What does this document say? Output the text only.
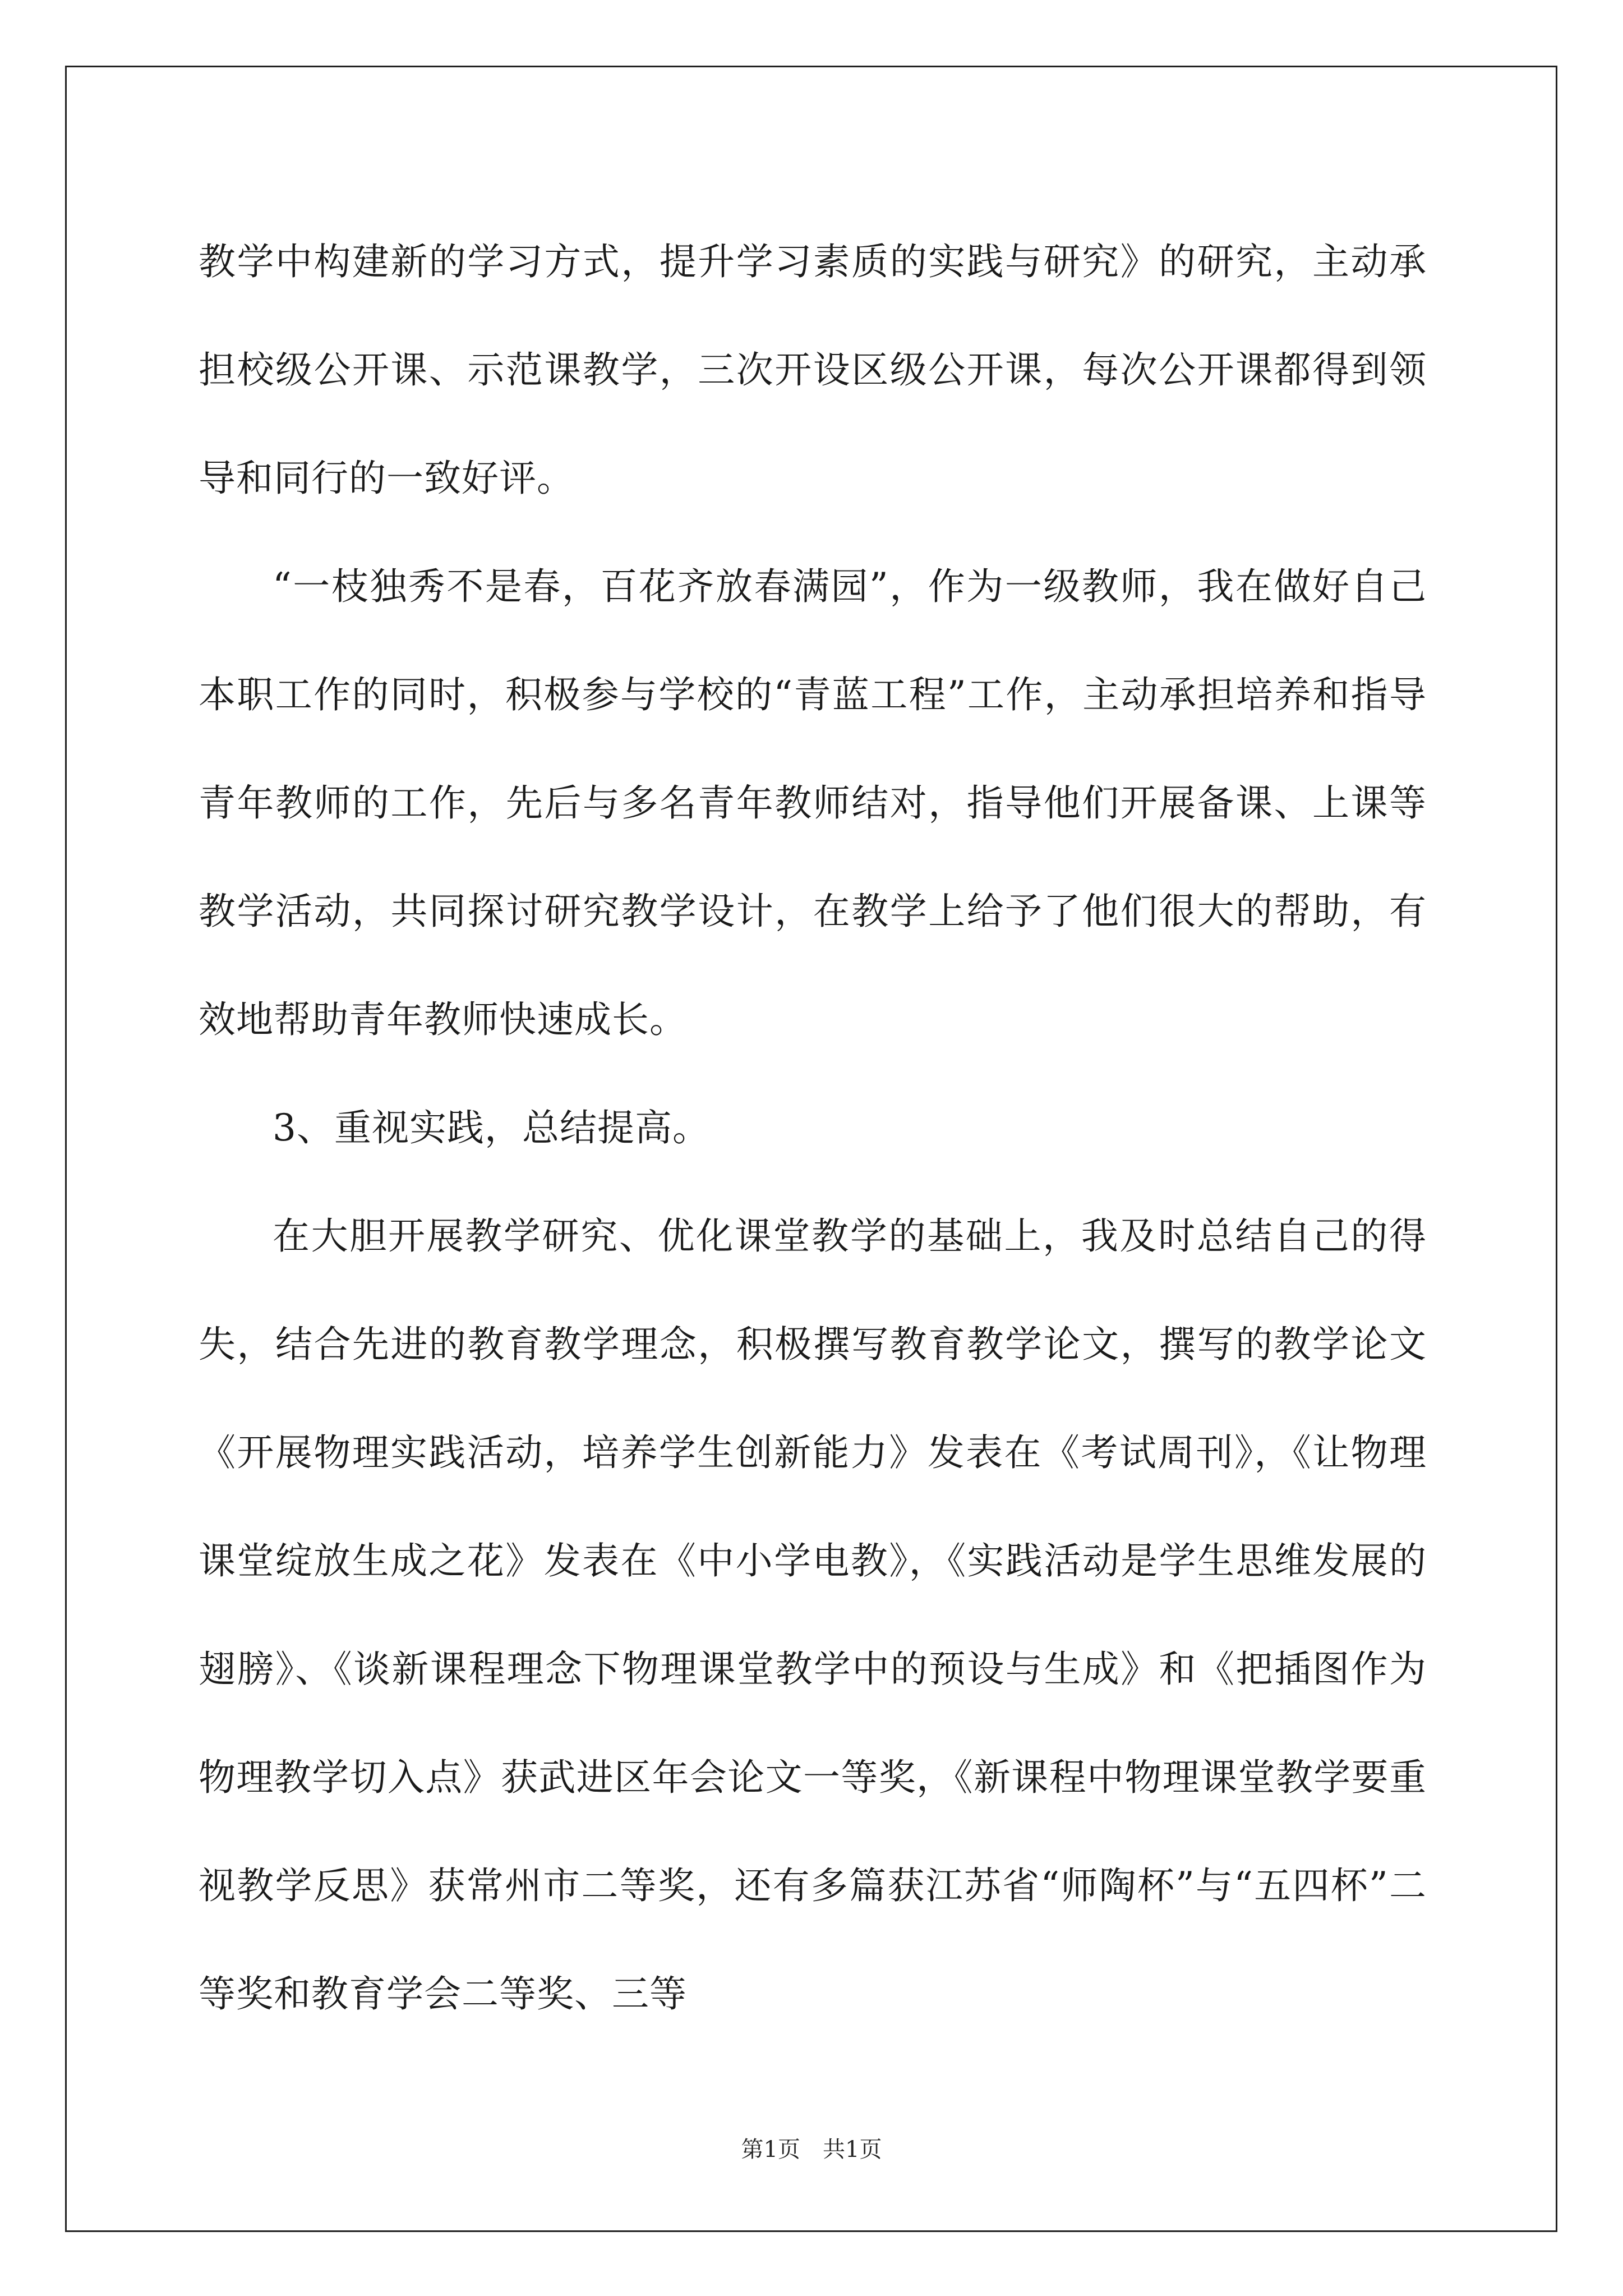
教学中构建新的学习方式，提升学习素质的实践与研究》的研究，主动承担校级公开课、示范课教学，三次开设区级公开课，每次公开课都得到领导和同行的一致好评。

“一枝独秀不是春，百花齐放春满园”，作为一级教师，我在做好自己本职工作的同时，积极参与学校的“青蓝工程”工作，主动承担培养和指导青年教师的工作，先后与多名青年教师结对，指导他们开展备课、上课等教学活动，共同探讨研究教学设计，在教学上给予了他们很大的帮助，有效地帮助青年教师快速成长。

3、重视实践，总结提高。

在大胆开展教学研究、优化课堂教学的基础上，我及时总结自己的得失，结合先进的教育教学理念，积极撰写教育教学论文，撰写的教学论文《开展物理实践活动，培养学生创新能力》发表在《考试周刊》，《让物理课堂绽放生成之花》发表在《中小学电教》，《实践活动是学生思维发展的翅膀》、《谈新课程理念下物理课堂教学中的预设与生成》和《把插图作为物理教学切入点》获武进区年会论文一等奖，《新课程中物理课堂教学要重视教学反思》获常州市二等奖，还有多篇获江苏省“师陶杯”与“五四杯”二等奖和教育学会二等奖、三等

第1页　共1页
